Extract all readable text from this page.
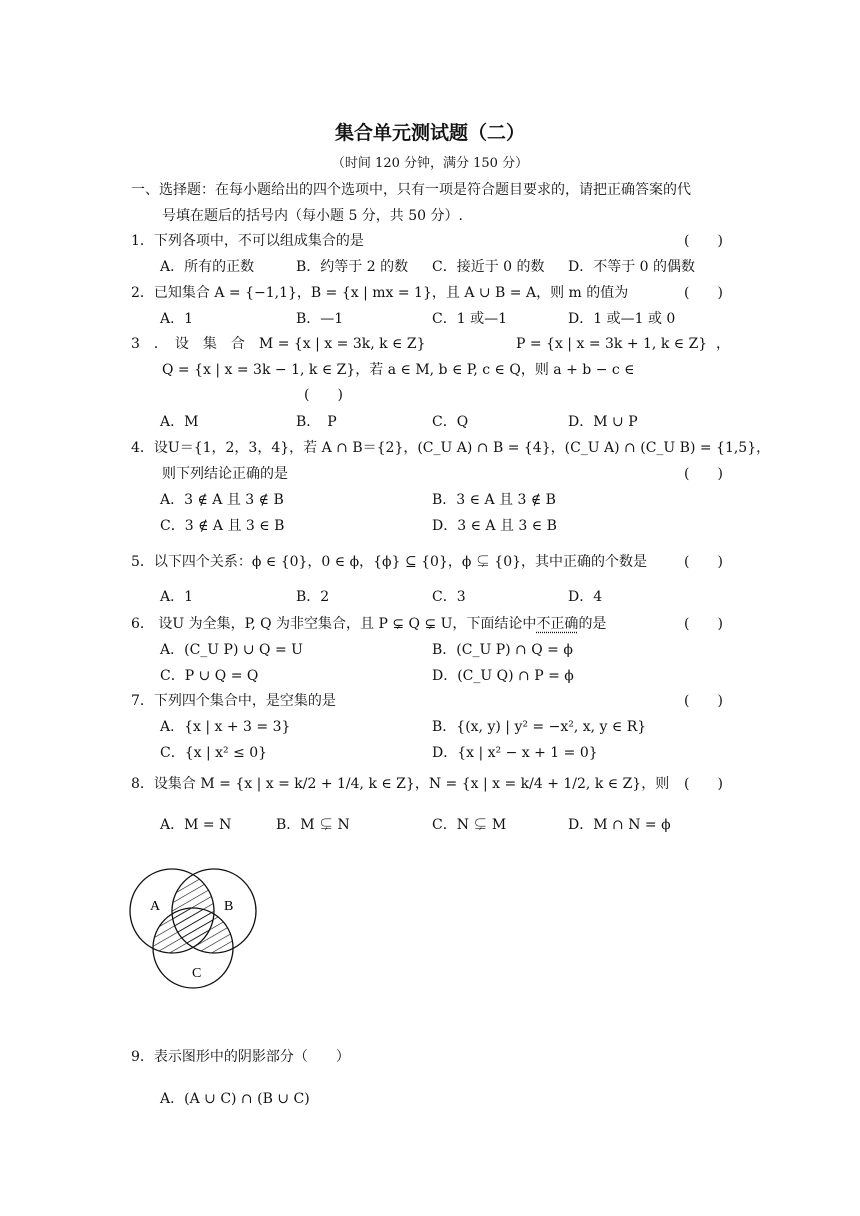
集合单元测试题（二）
（时间 120 分钟，满分 150 分）
一、选择题：在每小题给出的四个选项中，只有一项是符合题目要求的，请把正确答案的代
号填在题后的括号内（每小题 5 分，共 50 分）.
1．下列各项中，不可以组成集合的是	(　　)
A．所有的正数	B．约等于 2 的数 C．接近于 0 的数 D．不等于 0 的偶数
2．已知集合 A = {−1,1}，B = {x | mx = 1}，且 A ∪ B = A，则 m 的值为	(　　)
A．1	B．—1	C．1 或—1	D．1 或—1 或 0
3　．　设　集　合　M = {x | x = 3k, k ∈ Z}	P = {x | x = 3k + 1, k ∈ Z} ，
Q = {x | x = 3k − 1, k ∈ Z}，若 a ∈ M, b ∈ P, c ∈ Q，则 a + b − c ∈
(　　)
A．M	B．　P	C．Q	D．M ∪ P
4．设U＝{1，2，3，4}，若 A ∩ B＝{2}，(C_U A) ∩ B = {4}，(C_U A) ∩ (C_U B) = {1,5}，
则下列结论正确的是	(　　)
A．3 ∉ A 且 3 ∉ B	B．3 ∈ A 且 3 ∉ B
C．3 ∉ A 且 3 ∈ B	D．3 ∈ A 且 3 ∈ B
5．以下四个关系：ϕ ∈ {0}，0 ∈ ϕ，{ϕ} ⊆ {0}，ϕ ⊊ {0}，其中正确的个数是	(　　)
A．1	B．2	C．3	D．4
6． 设U 为全集，P, Q 为非空集合，且 P ⊊ Q ⊊ U，下面结论中不正确的是	(　　)
A．(C_U P) ∪ Q = U	B．(C_U P) ∩ Q = ϕ
C．P ∪ Q = Q	D．(C_U Q) ∩ P = ϕ
7．下列四个集合中，是空集的是	(　　)
A．{x | x + 3 = 3}	B．{(x, y) | y² = −x², x, y ∈ R}
C．{x | x² ≤ 0}	D．{x | x² − x + 1 = 0}
8．设集合 M = {x | x = k/2 + 1/4, k ∈ Z}，N = {x | x = k/4 + 1/2, k ∈ Z}，则 (　　)
A．M = N	B．M ⊊ N	C．N ⊊ M	D．M ∩ N = ϕ
A	B
C
9．表示图形中的阴影部分（　　）
A．(A ∪ C) ∩ (B ∪ C)
